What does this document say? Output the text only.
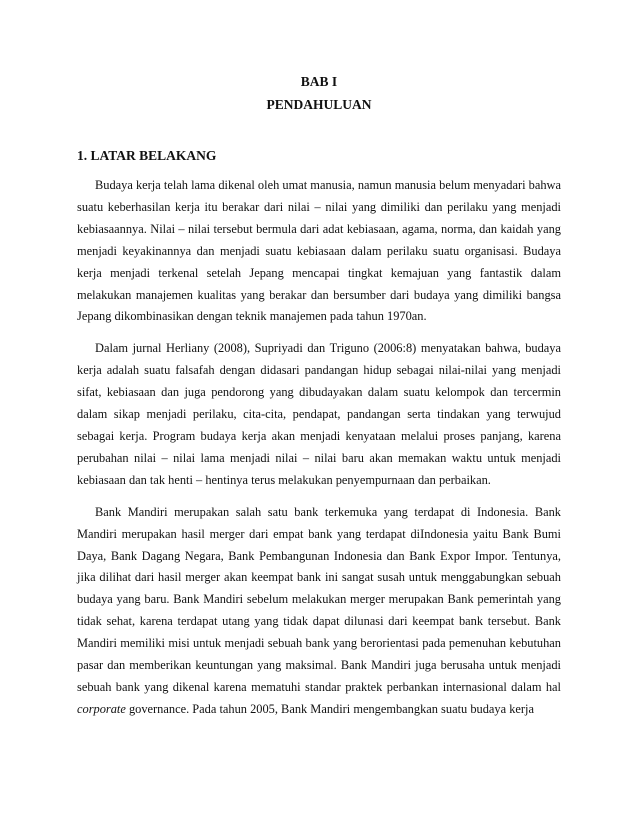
BAB I
PENDAHULUAN
1. LATAR BELAKANG

Budaya kerja telah lama dikenal oleh umat manusia, namun manusia belum menyadari bahwa suatu keberhasilan kerja itu berakar dari nilai – nilai yang dimiliki dan perilaku yang menjadi kebiasaannya. Nilai – nilai tersebut bermula dari adat kebiasaan, agama, norma, dan kaidah yang menjadi keyakinannya dan menjadi suatu kebiasaan dalam perilaku suatu organisasi. Budaya kerja menjadi terkenal setelah Jepang mencapai tingkat kemajuan yang fantastik dalam melakukan manajemen kualitas yang berakar dan bersumber dari budaya yang dimiliki bangsa Jepang dikombinasikan dengan teknik manajemen pada tahun 1970an.

Dalam jurnal Herliany (2008), Supriyadi dan Triguno (2006:8) menyatakan bahwa, budaya kerja adalah suatu falsafah dengan didasari pandangan hidup sebagai nilai-nilai yang menjadi sifat, kebiasaan dan juga pendorong yang dibudayakan dalam suatu kelompok dan tercermin dalam sikap menjadi perilaku, cita-cita, pendapat, pandangan serta tindakan yang terwujud sebagai kerja. Program budaya kerja akan menjadi kenyataan melalui proses panjang, karena perubahan nilai – nilai lama menjadi nilai – nilai baru akan memakan waktu untuk menjadi kebiasaan dan tak henti – hentinya terus melakukan penyempurnaan dan perbaikan.

Bank Mandiri merupakan salah satu bank terkemuka yang terdapat di Indonesia. Bank Mandiri merupakan hasil merger dari empat bank yang terdapat diIndonesia yaitu Bank Bumi Daya, Bank Dagang Negara, Bank Pembangunan Indonesia dan Bank Expor Impor. Tentunya, jika dilihat dari hasil merger akan keempat bank ini sangat susah untuk menggabungkan sebuah budaya yang baru. Bank Mandiri sebelum melakukan merger merupakan Bank pemerintah yang tidak sehat, karena terdapat utang yang tidak dapat dilunasi dari keempat bank tersebut. Bank Mandiri memiliki misi untuk menjadi sebuah bank yang berorientasi pada pemenuhan kebutuhan pasar dan memberikan keuntungan yang maksimal. Bank Mandiri juga berusaha untuk menjadi sebuah bank yang dikenal karena mematuhi standar praktek perbankan internasional dalam hal corporate governance. Pada tahun 2005, Bank Mandiri mengembangkan suatu budaya kerja
